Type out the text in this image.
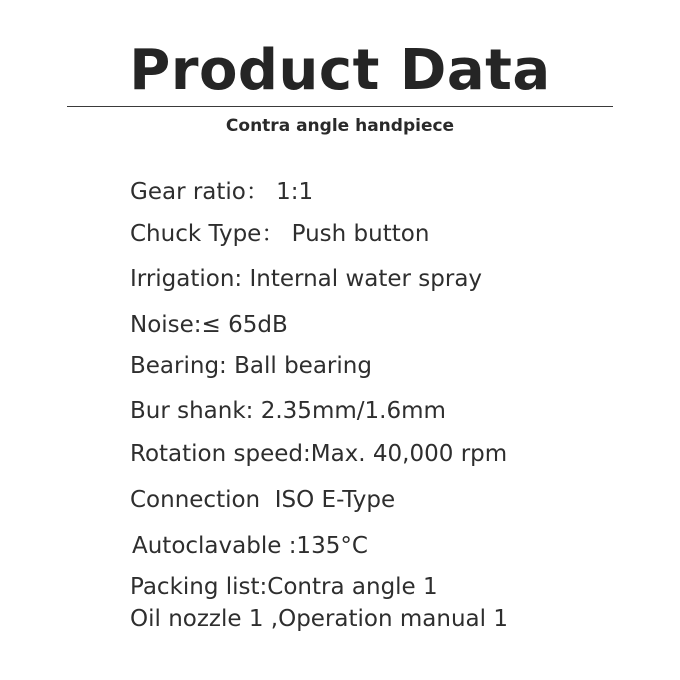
Product Data
Contra angle handpiece
Gear ratio： 1:1
Chuck Type： Push button
Irrigation: Internal water spray
Noise:≤ 65dB
Bearing: Ball bearing
Bur shank: 2.35mm/1.6mm
Rotation speed:Max. 40,000 rpm
Connection  ISO E-Type
Autoclavable :135°C
Packing list:Contra angle 1
Oil nozzle 1 ,Operation manual 1
